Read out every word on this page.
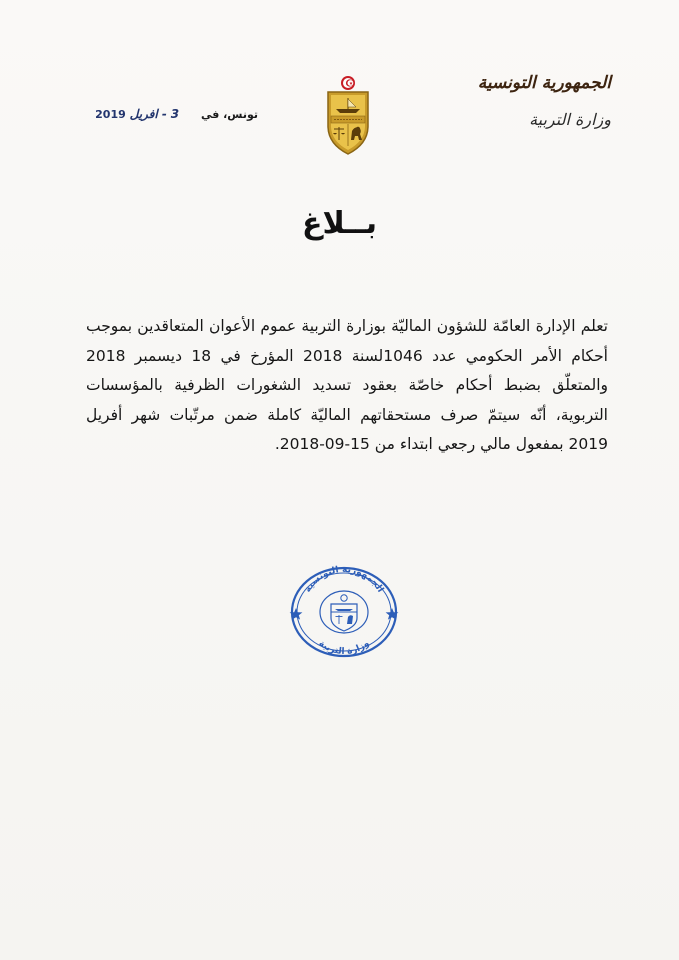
الجمهورية التونسية
وزارة التربية
تونس، في 3 - افريل 2019
بــلاغ

تعلم الإدارة العامّة للشؤون الماليّة بوزارة التربية عموم الأعوان المتعاقدين بموجب أحكام الأمر الحكومي عدد 1046لسنة 2018 المؤرخ في 18 ديسمبر 2018 والمتعلّق بضبط أحكام خاصّة بعقود تسديد الشغورات الظرفية بالمؤسسات التربوية، أنّه سيتمّ صرف مستحقاتهم الماليّة كاملة ضمن مرتّبات شهر أفريل 2019 بمفعول مالي رجعي ابتداء من 15-09-2018.

الجمهورية التونسية
وزارة التربية
